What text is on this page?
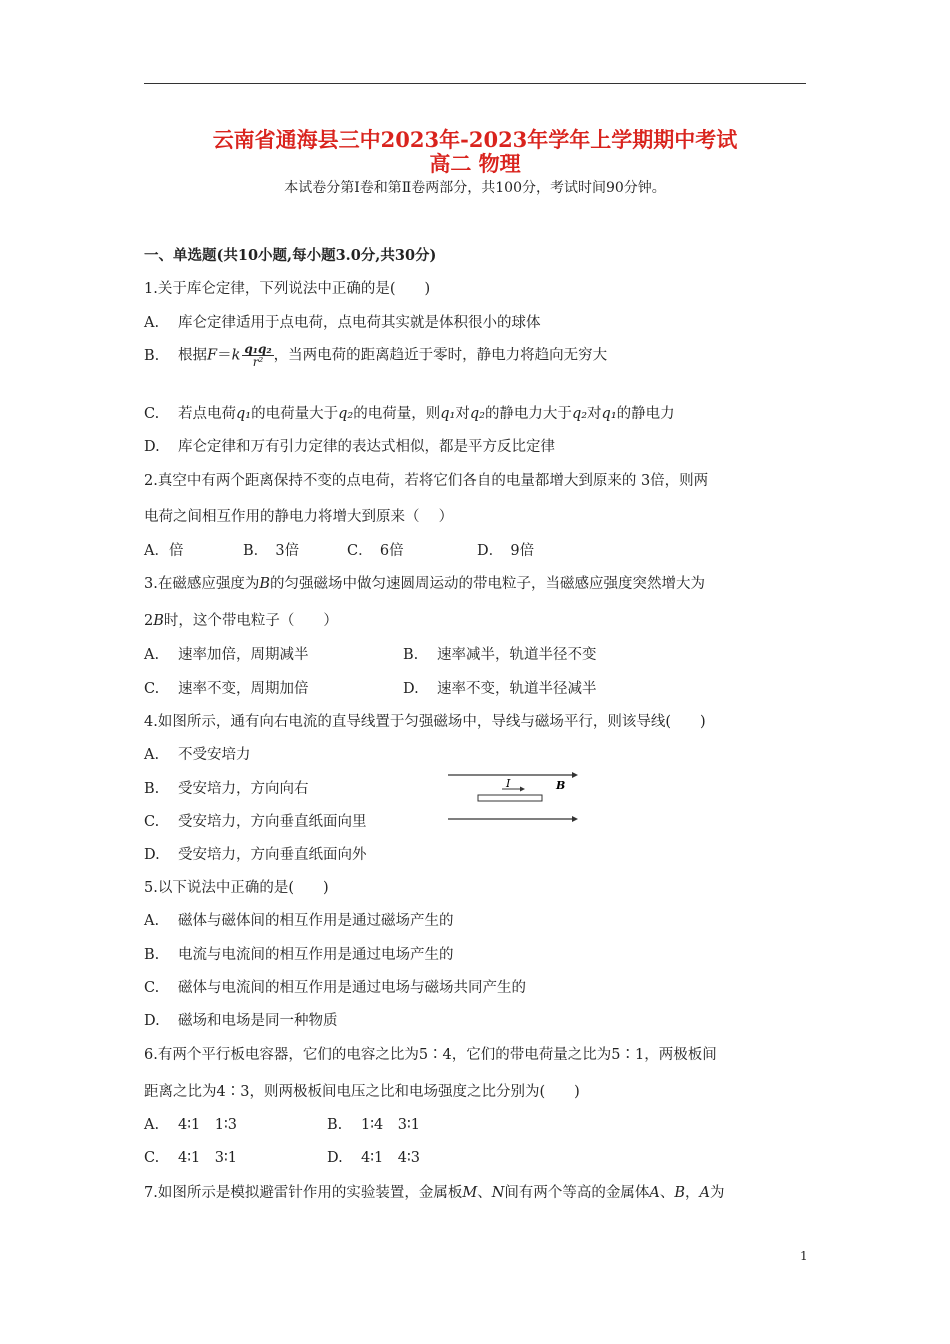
云南省通海县三中2023年-2023年学年上学期期中考试
高二 物理
本试卷分第Ⅰ卷和第Ⅱ卷两部分，共100分，考试时间90分钟。
一、单选题(共10小题,每小题3.0分,共30分)
1.关于库仑定律，下列说法中正确的是(　　)
A. 库仑定律适用于点电荷，点电荷其实就是体积很小的球体
B. 根据$F=k \frac{\text{q₁q₂}}{\text{r²}}$ ，当两电荷的距离趋近于零时，静电力将趋向无穷大
C. 若点电荷q₁的电荷量大于q₂的电荷量，则q₁对q₂的静电力大于q₂对q₁的静电力
D. 库仑定律和万有引力定律的表达式相似，都是平方反比定律
2.真空中有两个距离保持不变的点电荷，若将它们各自的电量都增大到原来的 3倍，则两
电荷之间相互作用的静电力将增大到原来（　 ）
A．倍	B．　3倍	C．　6倍	D．　9倍
3.在磁感应强度为B的匀强磁场中做匀速圆周运动的带电粒子，当磁感应强度突然增大为
2B时，这个带电粒子（　　）
A. 速率加倍，周期减半	B. 速率减半，轨道半径不变
C. 速率不变，周期加倍	D. 速率不变，轨道半径减半
4.如图所示，通有向右电流的直导线置于匀强磁场中，导线与磁场平行，则该导线(　　)
A. 不受安培力
B. 受安培力，方向向右
C. 受安培力，方向垂直纸面向里
D. 受安培力，方向垂直纸面向外
I	B
5.以下说法中正确的是(　　)
A. 磁体与磁体间的相互作用是通过磁场产生的
B. 电流与电流间的相互作用是通过电场产生的
C. 磁体与电流间的相互作用是通过电场与磁场共同产生的
D. 磁场和电场是同一种物质
6.有两个平行板电容器，它们的电容之比为5∶4，它们的带电荷量之比为5∶1，两极板间
距离之比为4∶3，则两极板间电压之比和电场强度之比分别为(　　)
A. 4∶1　1∶3	B. 1∶4　3∶1
C. 4∶1　3∶1	D. 4∶1　4∶3
7.如图所示是模拟避雷针作用的实验装置，金属板M、N间有两个等高的金属体A、B，A为
1
